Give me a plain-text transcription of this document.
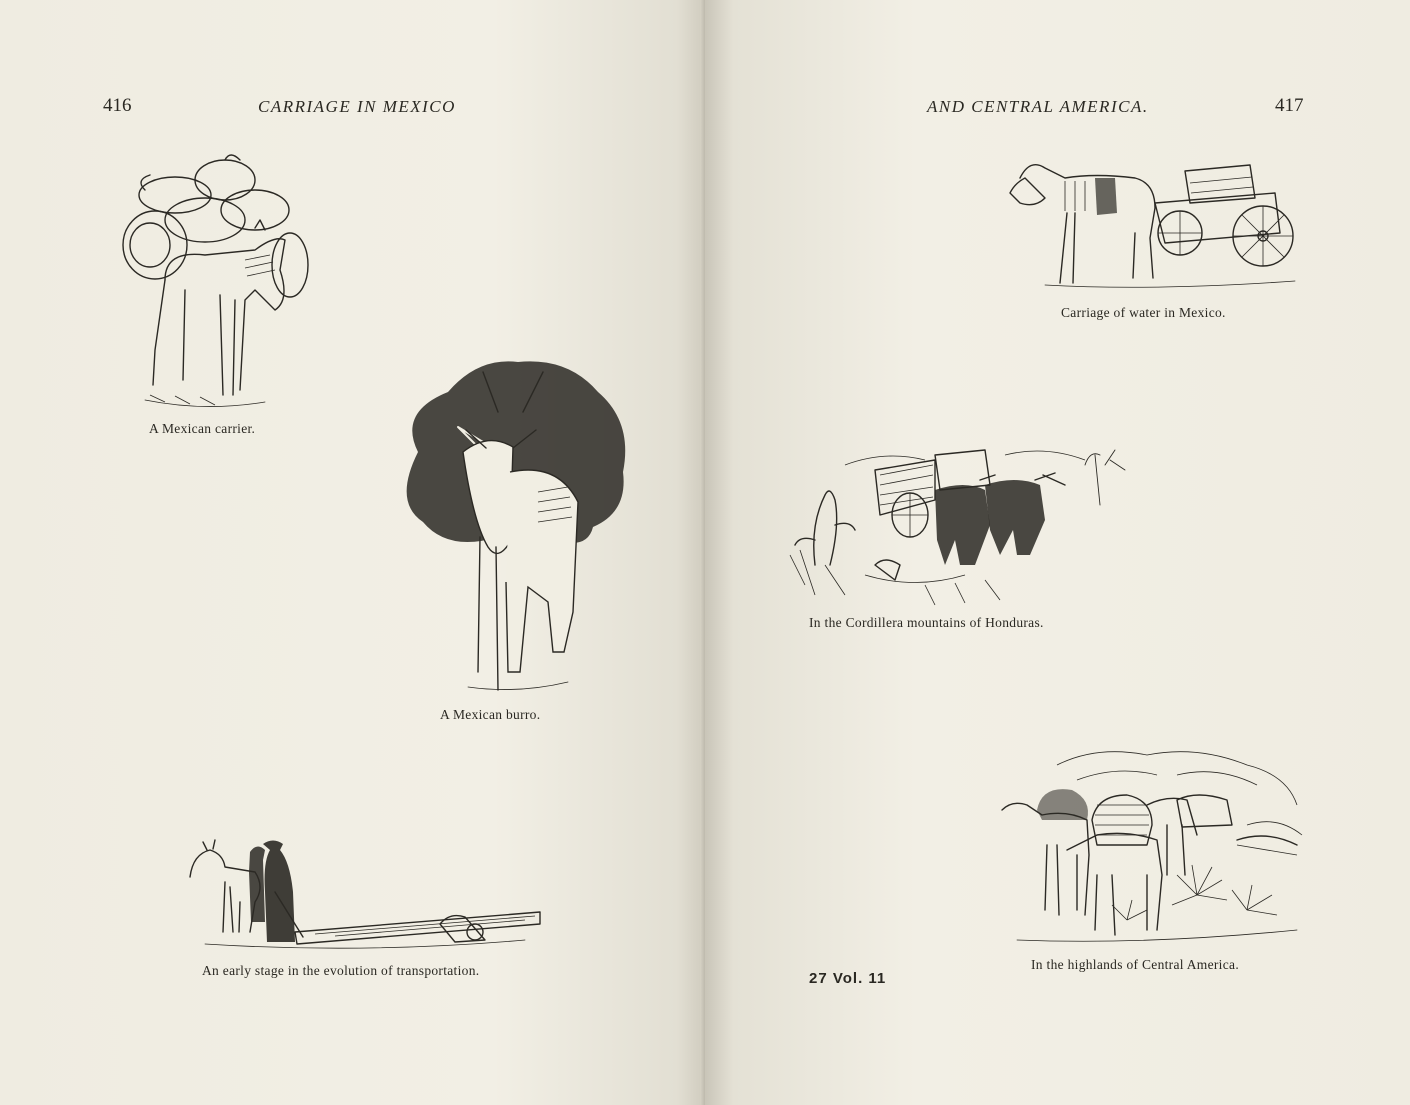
416	CARRIAGE IN MEXICO
A Mexican carrier.
A Mexican burro.
An early stage in the evolution of transportation.
AND CENTRAL AMERICA.	417
Carriage of water in Mexico.
In the Cordillera mountains of Honduras.
In the highlands of Central America.
27 Vol. 11
